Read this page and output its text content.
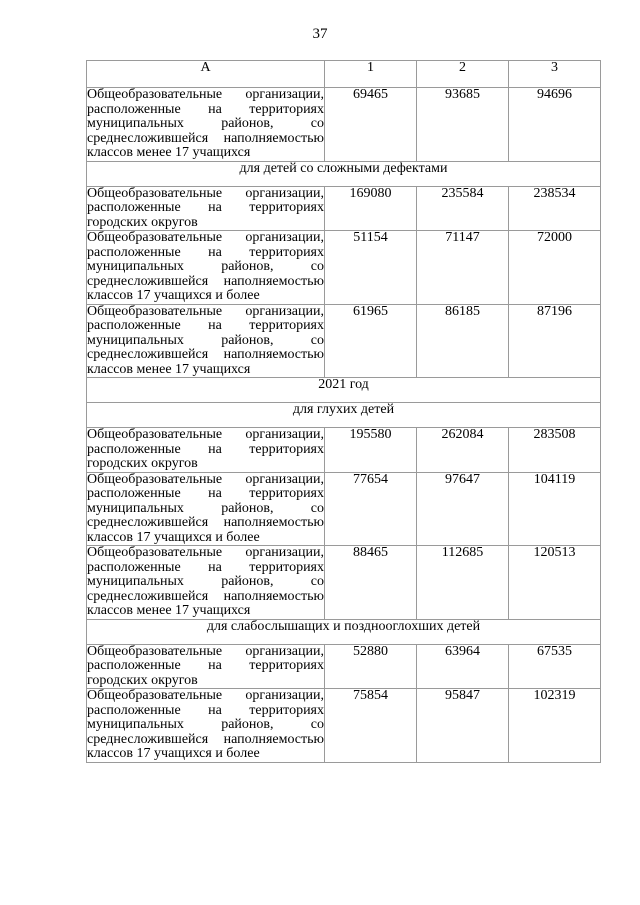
37
А	1	2	3
Общеобразовательные организации, расположенные на территориях муниципальных районов, со среднесложившейся наполняемостью классов менее 17 учащихся	69465	93685	94696
для детей со сложными дефектами			
Общеобразовательные организации, расположенные на территориях городских округов	169080	235584	238534
Общеобразовательные организации, расположенные на территориях муниципальных районов, со среднесложившейся наполняемостью классов 17 учащихся и более	51154	71147	72000
Общеобразовательные организации, расположенные на территориях муниципальных районов, со среднесложившейся наполняемостью классов менее 17 учащихся	61965	86185	87196
2021 год			
для глухих детей			
Общеобразовательные организации, расположенные на территориях городских округов	195580	262084	283508
Общеобразовательные организации, расположенные на территориях муниципальных районов, со среднесложившейся наполняемостью классов 17 учащихся и более	77654	97647	104119
Общеобразовательные организации, расположенные на территориях муниципальных районов, со среднесложившейся наполняемостью классов менее 17 учащихся	88465	112685	120513
для слабослышащих и позднооглохших детей			
Общеобразовательные организации, расположенные на территориях городских округов	52880	63964	67535
Общеобразовательные организации, расположенные на территориях муниципальных районов, со среднесложившейся наполняемостью классов 17 учащихся и более	75854	95847	102319
